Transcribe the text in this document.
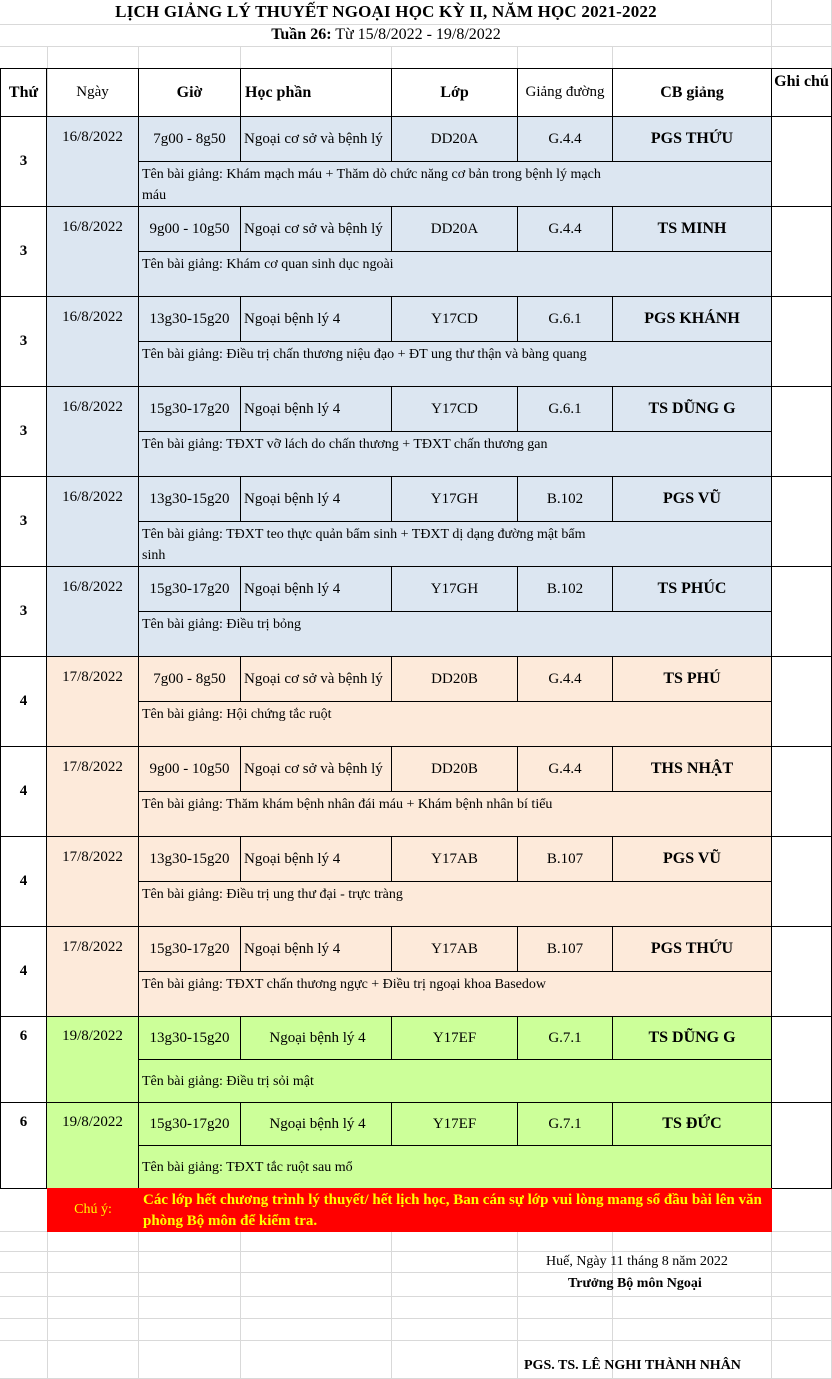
LỊCH GIẢNG LÝ THUYẾT NGOẠI HỌC KỲ II, NĂM HỌC 2021-2022
Tuần 26: Từ 15/8/2022 - 19/8/2022
Thứ	Ngày	Giờ	Học phần	Lớp	Giảng đường	CB giảng
Ghi chú
3
16/8/2022	7g00 - 8g50	Ngoại cơ sở và bệnh lý	DD20A	G.4.4	PGS THỨU
Tên bài giảng: Khám mạch máu + Thăm dò chức năng cơ bản trong bệnh lý mạch máu
3
16/8/2022	9g00 - 10g50 Ngoại cơ sở và bệnh lý	DD20A	G.4.4	TS MINH
Tên bài giảng: Khám cơ quan sinh dục ngoài
3
16/8/2022	13g30-15g20 Ngoại bệnh lý 4	Y17CD	G.6.1	PGS KHÁNH
Tên bài giảng: Điều trị chấn thương niệu đạo + ĐT ung thư thận và bàng quang
3
16/8/2022	15g30-17g20 Ngoại bệnh lý 4	Y17CD	G.6.1	TS DŨNG G
Tên bài giảng: TĐXT vỡ lách do chấn thương + TĐXT chấn thương gan
3
16/8/2022	13g30-15g20 Ngoại bệnh lý 4	Y17GH	B.102	PGS VŨ
Tên bài giảng: TĐXT teo thực quản bẩm sinh + TĐXT dị dạng đường mật bẩm sinh
3
16/8/2022	15g30-17g20 Ngoại bệnh lý 4	Y17GH	B.102	TS PHÚC
Tên bài giảng: Điều trị bỏng
4
17/8/2022	7g00 - 8g50	Ngoại cơ sở và bệnh lý	DD20B	G.4.4	TS PHÚ
Tên bài giảng: Hội chứng tắc ruột
4
17/8/2022	9g00 - 10g50 Ngoại cơ sở và bệnh lý	DD20B	G.4.4	THS NHẬT
Tên bài giảng: Thăm khám bệnh nhân đái máu + Khám bệnh nhân bí tiểu
4
17/8/2022	13g30-15g20 Ngoại bệnh lý 4	Y17AB	B.107	PGS VŨ
Tên bài giảng: Điều trị ung thư đại - trực tràng
4
17/8/2022	15g30-17g20 Ngoại bệnh lý 4	Y17AB	B.107	PGS THỨU
Tên bài giảng: TĐXT chấn thương ngực + Điều trị ngoại khoa Basedow
6	19/8/2022	13g30-15g20	Ngoại bệnh lý 4	Y17EF	G.7.1	TS DŨNG G
Tên bài giảng: Điều trị sỏi mật
6	19/8/2022	15g30-17g20	Ngoại bệnh lý 4	Y17EF	G.7.1	TS ĐỨC
Tên bài giảng: TĐXT tắc ruột sau mổ
Chú ý:
Các lớp hết chương trình lý thuyết/ hết lịch học, Ban cán sự lớp vui lòng mang sổ đầu bài lên văn phòng Bộ môn để kiểm tra.
Huế, Ngày 11 tháng 8 năm 2022
Trưởng Bộ môn Ngoại
PGS. TS. LÊ NGHI THÀNH NHÂN
